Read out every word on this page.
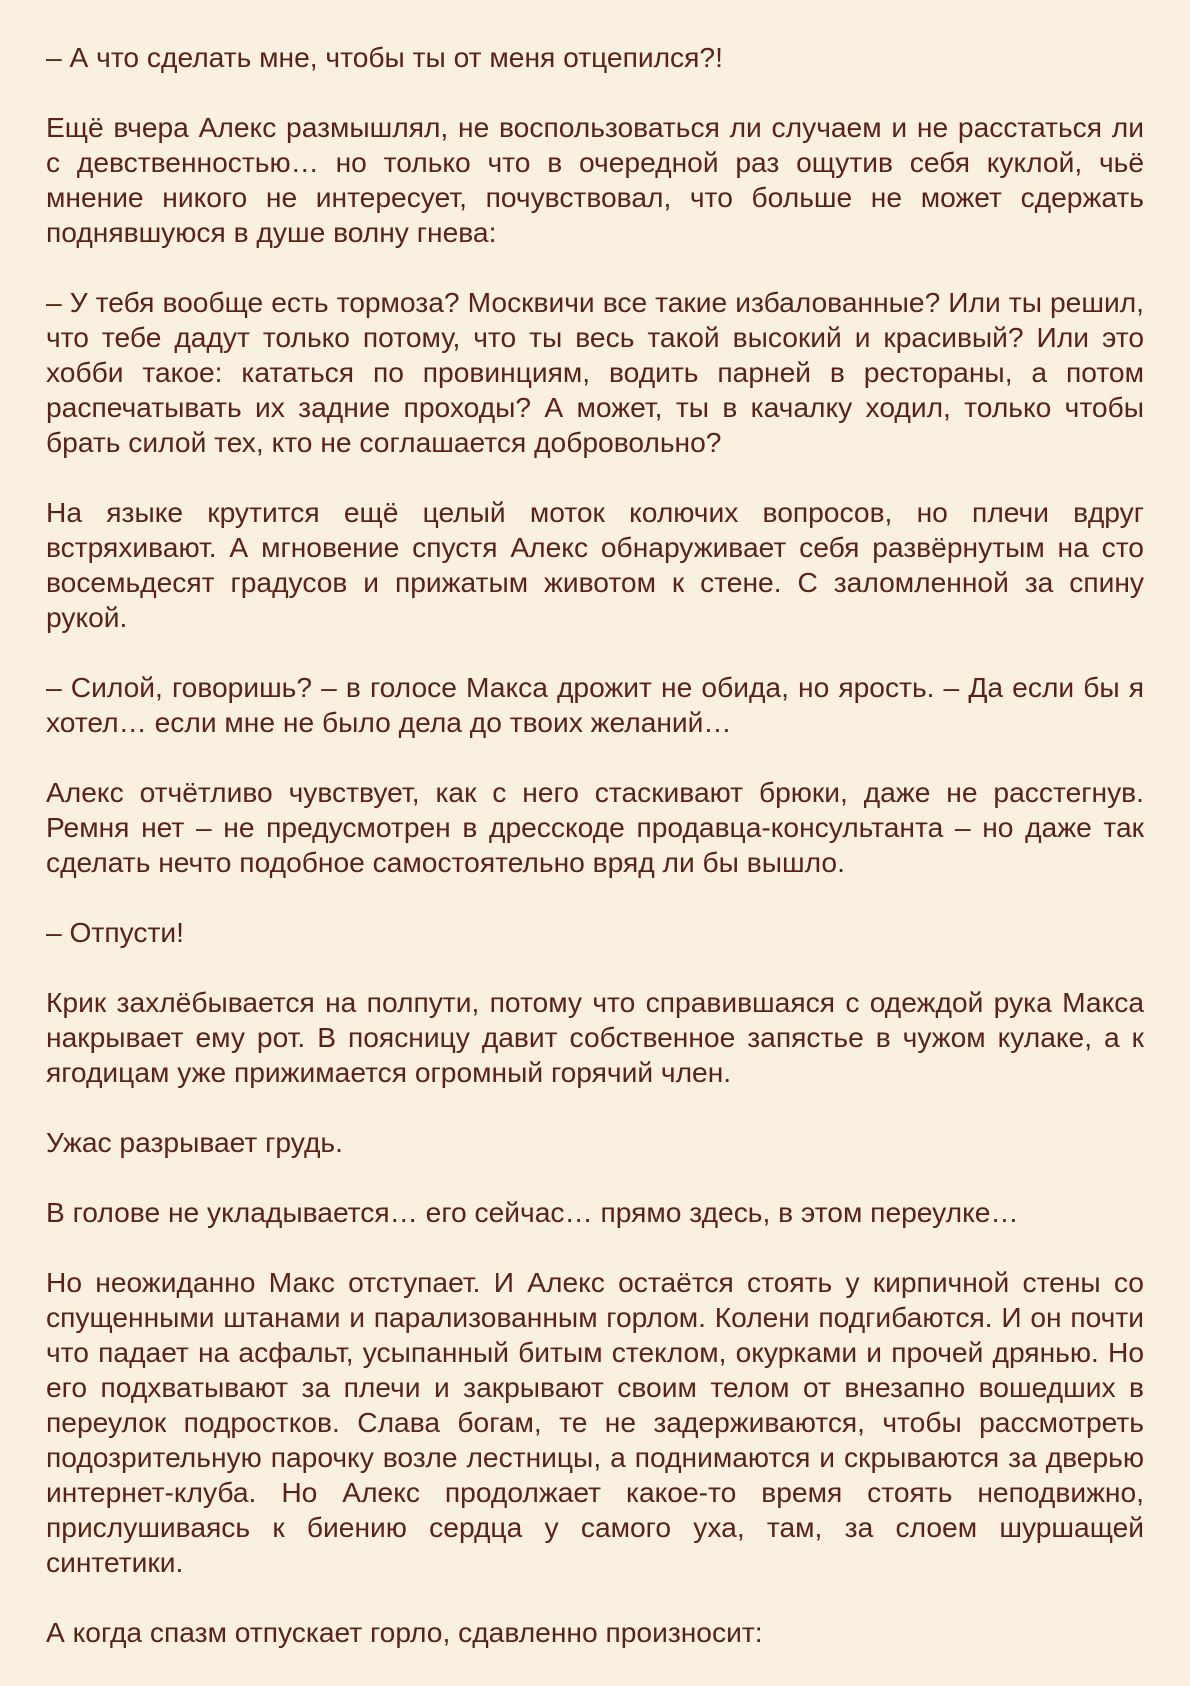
– А что сделать мне, чтобы ты от меня отцепился?!

Ещё вчера Алекс размышлял, не воспользоваться ли случаем и не расстаться ли с девственностью… но только что в очередной раз ощутив себя куклой, чьё мнение никого не интересует, почувствовал, что больше не может сдержать поднявшуюся в душе волну гнева:

– У тебя вообще есть тормоза? Москвичи все такие избалованные? Или ты решил, что тебе дадут только потому, что ты весь такой высокий и красивый? Или это хобби такое: кататься по провинциям, водить парней в рестораны, а потом распечатывать их задние проходы? А может, ты в качалку ходил, только чтобы брать силой тех, кто не соглашается добровольно?

На языке крутится ещё целый моток колючих вопросов, но плечи вдруг встряхивают. А мгновение спустя Алекс обнаруживает себя развёрнутым на сто восемьдесят градусов и прижатым животом к стене. С заломленной за спину рукой.

– Силой, говоришь? – в голосе Макса дрожит не обида, но ярость. – Да если бы я хотел… если мне не было дела до твоих желаний…

Алекс отчётливо чувствует, как с него стаскивают брюки, даже не расстегнув. Ремня нет – не предусмотрен в дресскоде продавца-консультанта – но даже так сделать нечто подобное самостоятельно вряд ли бы вышло.

– Отпусти!

Крик захлёбывается на полпути, потому что справившаяся с одеждой рука Макса накрывает ему рот. В поясницу давит собственное запястье в чужом кулаке, а к ягодицам уже прижимается огромный горячий член.

Ужас разрывает грудь.

В голове не укладывается… его сейчас… прямо здесь, в этом переулке…

Но неожиданно Макс отступает. И Алекс остаётся стоять у кирпичной стены со спущенными штанами и парализованным горлом. Колени подгибаются. И он почти что падает на асфальт, усыпанный битым стеклом, окурками и прочей дрянью. Но его подхватывают за плечи и закрывают своим телом от внезапно вошедших в переулок подростков. Слава богам, те не задерживаются, чтобы рассмотреть подозрительную парочку возле лестницы, а поднимаются и скрываются за дверью интернет-клуба. Но Алекс продолжает какое-то время стоять неподвижно, прислушиваясь к биению сердца у самого уха, там, за слоем шуршащей синтетики.

А когда спазм отпускает горло, сдавленно произносит:
